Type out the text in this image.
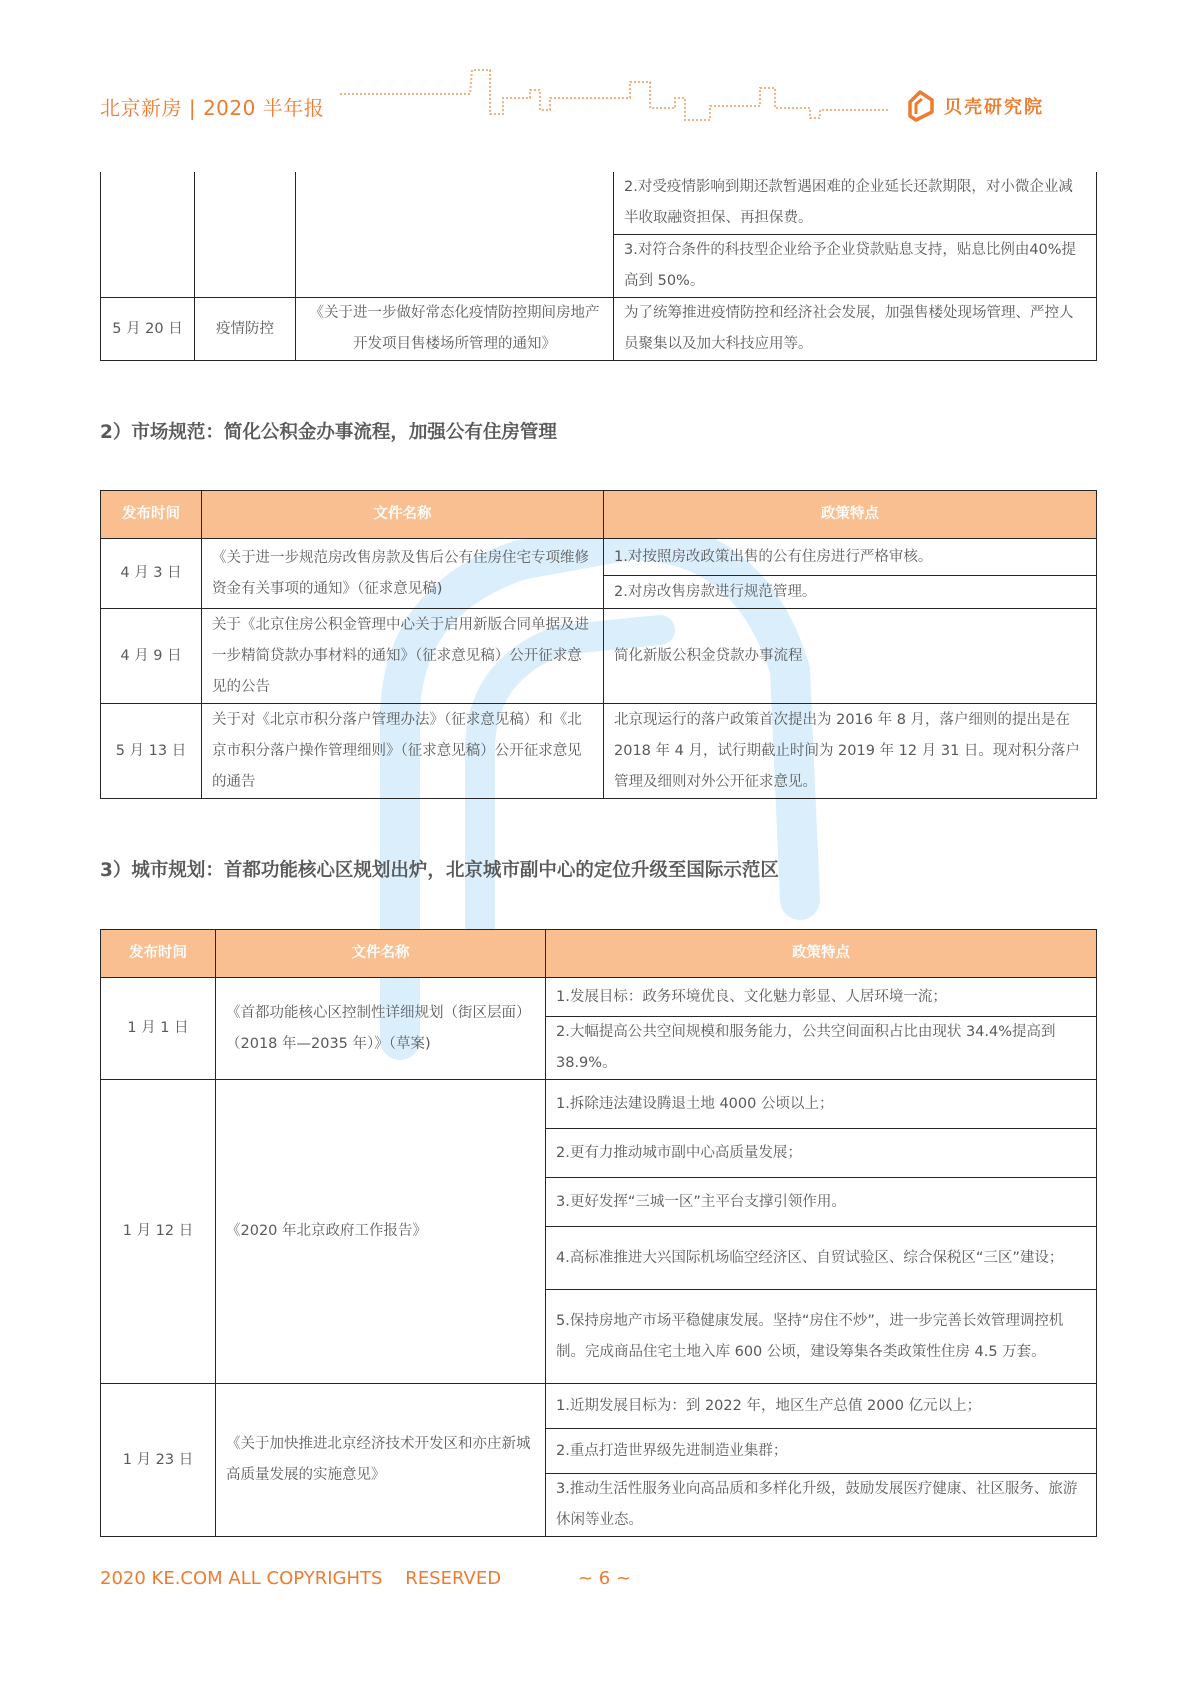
北京新房 | 2020 半年报	贝壳研究院
			2.对受疫情影响到期还款暂遇困难的企业延长还款期限，对小微企业减半收取融资担保、再担保费。
			3.对符合条件的科技型企业给予企业贷款贴息支持，贴息比例由40%提高到 50%。
5 月 20 日	疫情防控	《关于进一步做好常态化疫情防控期间房地产开发项目售楼场所管理的通知》	为了统筹推进疫情防控和经济社会发展，加强售楼处现场管理、严控人员聚集以及加大科技应用等。
2）市场规范：简化公积金办事流程，加强公有住房管理
发布时间	文件名称	政策特点
4 月 3 日	《关于进一步规范房改售房款及售后公有住房住宅专项维修资金有关事项的通知》（征求意见稿)	1.对按照房改政策出售的公有住房进行严格审核。
		2.对房改售房款进行规范管理。
4 月 9 日	关于《北京住房公积金管理中心关于启用新版合同单据及进一步精简贷款办事材料的通知》（征求意见稿）公开征求意见的公告	简化新版公积金贷款办事流程
5 月 13 日	关于对《北京市积分落户管理办法》（征求意见稿）和《北京市积分落户操作管理细则》（征求意见稿）公开征求意见的通告	北京现运行的落户政策首次提出为 2016 年 8 月，落户细则的提出是在 2018 年 4 月，试行期截止时间为 2019 年 12 月 31 日。现对积分落户管理及细则对外公开征求意见。
3）城市规划：首都功能核心区规划出炉，北京城市副中心的定位升级至国际示范区
发布时间	文件名称	政策特点
1 月 1 日	《首都功能核心区控制性详细规划（街区层面）（2018 年—2035 年）》（草案)	1.发展目标：政务环境优良、文化魅力彰显、人居环境一流；
		2.大幅提高公共空间规模和服务能力，公共空间面积占比由现状 34.4%提高到 38.9%。
1 月 12 日	《2020 年北京政府工作报告》	1.拆除违法建设腾退土地 4000 公顷以上；
		2.更有力推动城市副中心高质量发展；
		3.更好发挥“三城一区”主平台支撑引领作用。
		4.高标准推进大兴国际机场临空经济区、自贸试验区、综合保税区“三区”建设；
		5.保持房地产市场平稳健康发展。坚持“房住不炒”，进一步完善长效管理调控机制。完成商品住宅土地入库 600 公顷，建设筹集各类政策性住房 4.5 万套。
1 月 23 日	《关于加快推进北京经济技术开发区和亦庄新城高质量发展的实施意见》	1.近期发展目标为：到 2022 年，地区生产总值 2000 亿元以上；
		2.重点打造世界级先进制造业集群；
		3.推动生活性服务业向高品质和多样化升级，鼓励发展医疗健康、社区服务、旅游休闲等业态。
2020 KE.COM ALL COPYRIGHTS    RESERVED	~ 6 ~
